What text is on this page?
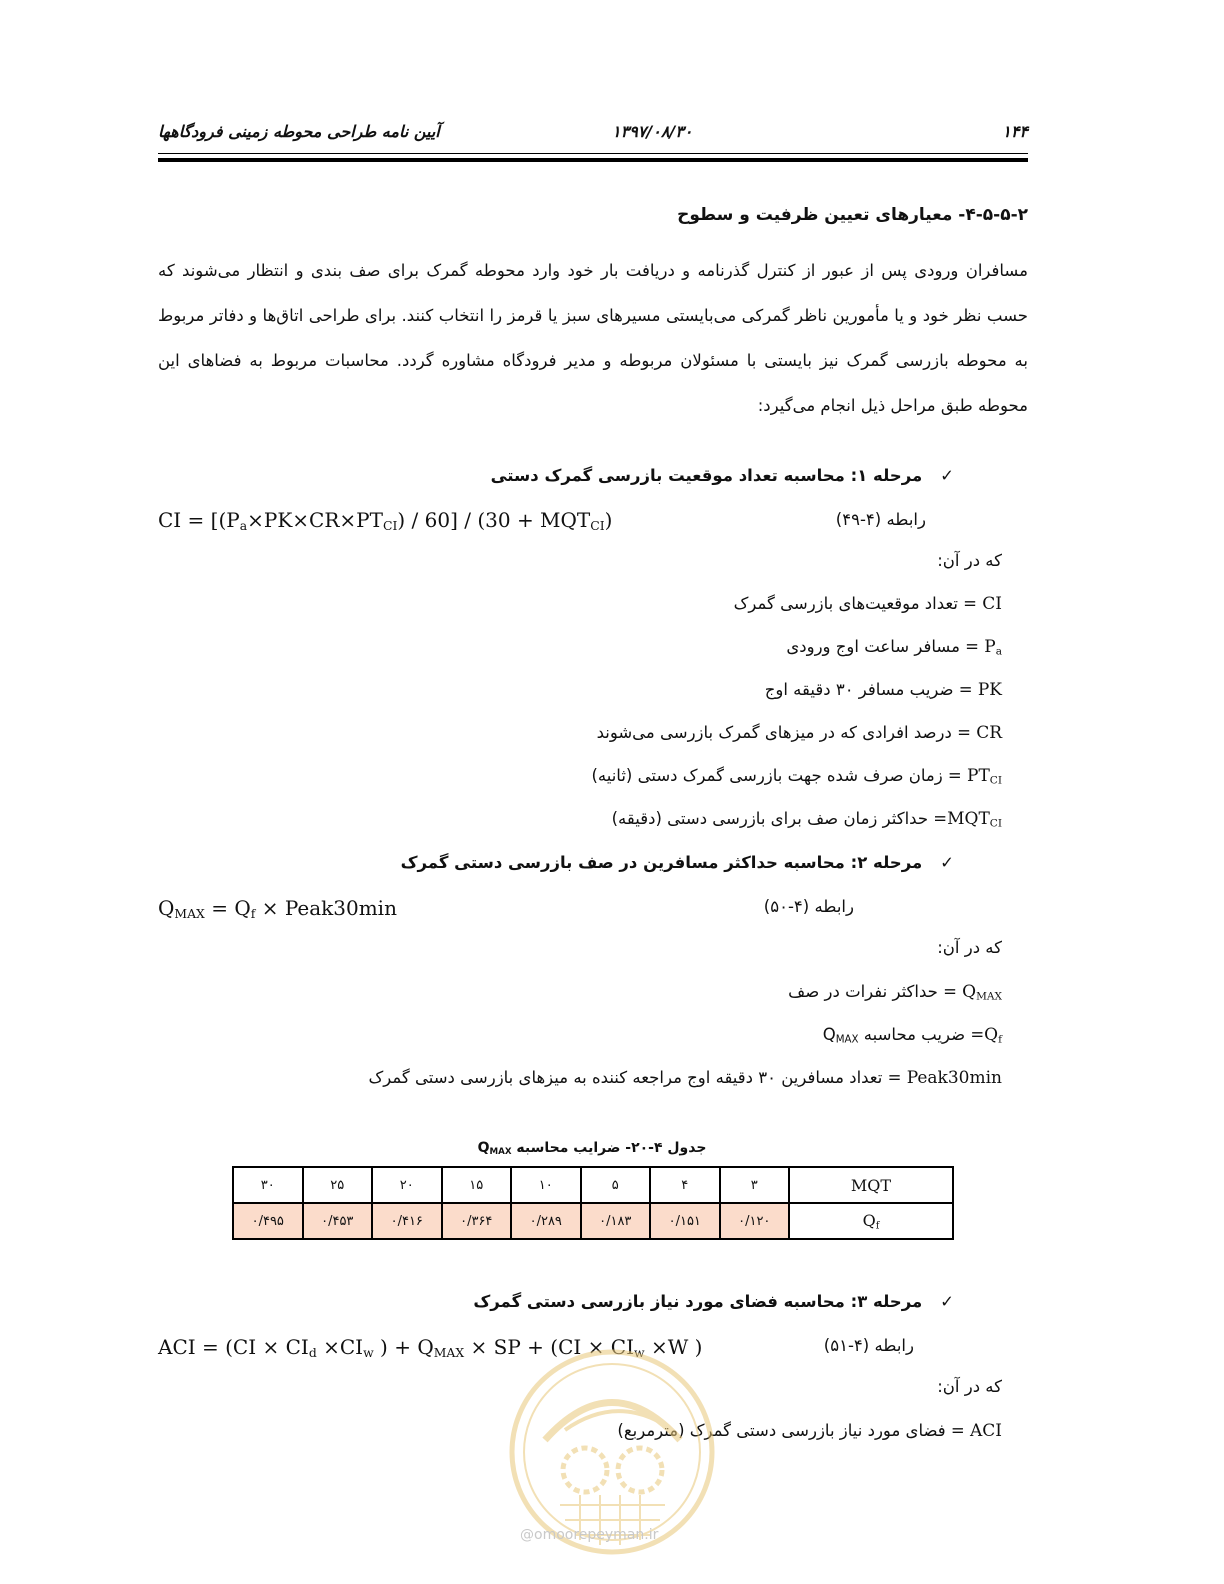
۱۴۴
۱۳۹۷/۰۸/۳۰
آیین نامه طراحی محوطه زمینی فرودگاهها
۴-۵-۵-۲- معیارهای تعیین ظرفیت و سطوح
مسافران ورودی پس از عبور از کنترل گذرنامه و دریافت بار خود وارد محوطه گمرک برای صف بندی و انتظار می‌شوند که حسب نظر خود و یا مأمورین ناظر گمرکی می‌بایستی مسیرهای سبز یا قرمز را انتخاب کنند. برای طراحی اتاق‌ها و دفاتر مربوط به محوطه بازرسی گمرک نیز بایستی با مسئولان مربوطه و مدیر فرودگاه مشاوره گردد. محاسبات مربوط به فضاهای این محوطه طبق مراحل ذیل انجام می‌گیرد:
✓مرحله ۱: محاسبه تعداد موقعیت بازرسی گمرک دستی
CI = $[(P_a\times PK\times CR\times PT_{CI}) / 60] / (30 + MQT_{CI})$	رابطه (۴-۴۹)
که در آن:
CI = تعداد موقعیت‌های بازرسی گمرک
$P_a$ = مسافر ساعت اوج ورودی
PK = ضریب مسافر ۳۰ دقیقه اوج
CR = درصد افرادی که در میزهای گمرک بازرسی می‌شوند
$PT_{CI}$ = زمان صرف شده جهت بازرسی گمرک دستی (ثانیه)
$MQT_{CI}=$ حداکثر زمان صف برای بازرسی دستی (دقیقه)
✓مرحله ۲: محاسبه حداکثر مسافرین در صف بازرسی دستی گمرک
$Q_{MAX} = Q_f$ × Peak30min	رابطه (۴-۵۰)
که در آن:
$Q_{MAX}$ = حداکثر نفرات در صف
$Q_f=$ ضریب محاسبه $Q_{MAX}$
Peak30min = تعداد مسافرین ۳۰ دقیقه اوج مراجعه کننده به میزهای بازرسی دستی گمرک
جدول ۴-۲۰- ضرایب محاسبه $Q_{MAX}$
MQT	۳	۴	۵	۱۰	۱۵	۲۰	۲۵	۳۰
$Q_f$	۰/۱۲۰	۰/۱۵۱	۰/۱۸۳	۰/۲۸۹	۰/۳۶۴	۰/۴۱۶	۰/۴۵۳	۰/۴۹۵
✓مرحله ۳: محاسبه فضای مورد نیاز بازرسی دستی گمرک
ACI = ($CI \times CI_d \times CI_w$ ) + $Q_{MAX}$ × SP + ($CI \times CI_w \times W$ )	رابطه (۴-۵۱)
که در آن:
ACI = فضای مورد نیاز بازرسی دستی گمرک (مترمربع)
@omoorepeyman.ir
